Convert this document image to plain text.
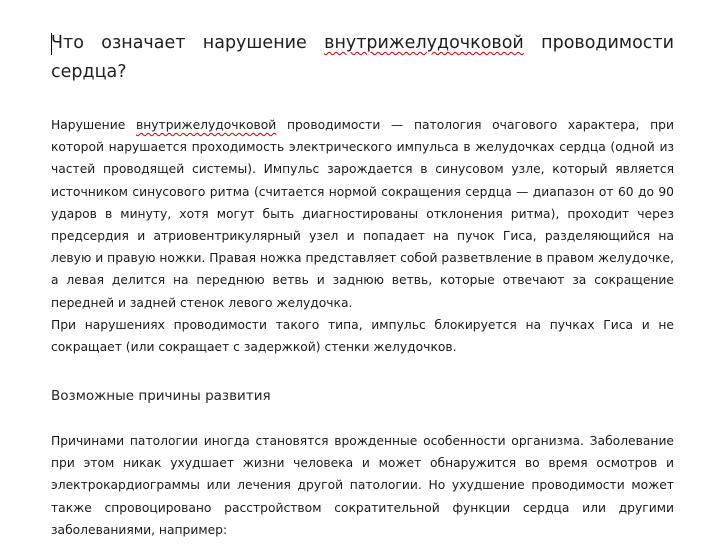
Что означает нарушение внутрижелудочковой проводимости сердца?

Нарушение внутрижелудочковой проводимости — патология очагового характера, при которой нарушается проходимость электрического импульса в желудочках сердца (одной из частей проводящей системы). Импульс зарождается в синусовом узле, который является источником синусового ритма (считается нормой сокращения сердца — диапазон от 60 до 90 ударов в минуту, хотя могут быть диагностированы отклонения ритма), проходит через предсердия и атриовентрикулярный узел и попадает на пучок Гиса, разделяющийся на левую и правую ножки. Правая ножка представляет собой разветвление в правом желудочке, а левая делится на переднюю ветвь и заднюю ветвь, которые отвечают за сокращение передней и задней стенок левого желудочка.

При нарушениях проводимости такого типа, импульс блокируется на пучках Гиса и не сокращает (или сокращает с задержкой) стенки желудочков.

Возможные причины развития

Причинами патологии иногда становятся врожденные особенности организма. Заболевание при этом никак ухудшает жизни человека и может обнаружится во время осмотров и электрокардиограммы или лечения другой патологии. Но ухудшение проводимости может также спровоцировано расстройством сократительной функции сердца или другими заболеваниями, например:
